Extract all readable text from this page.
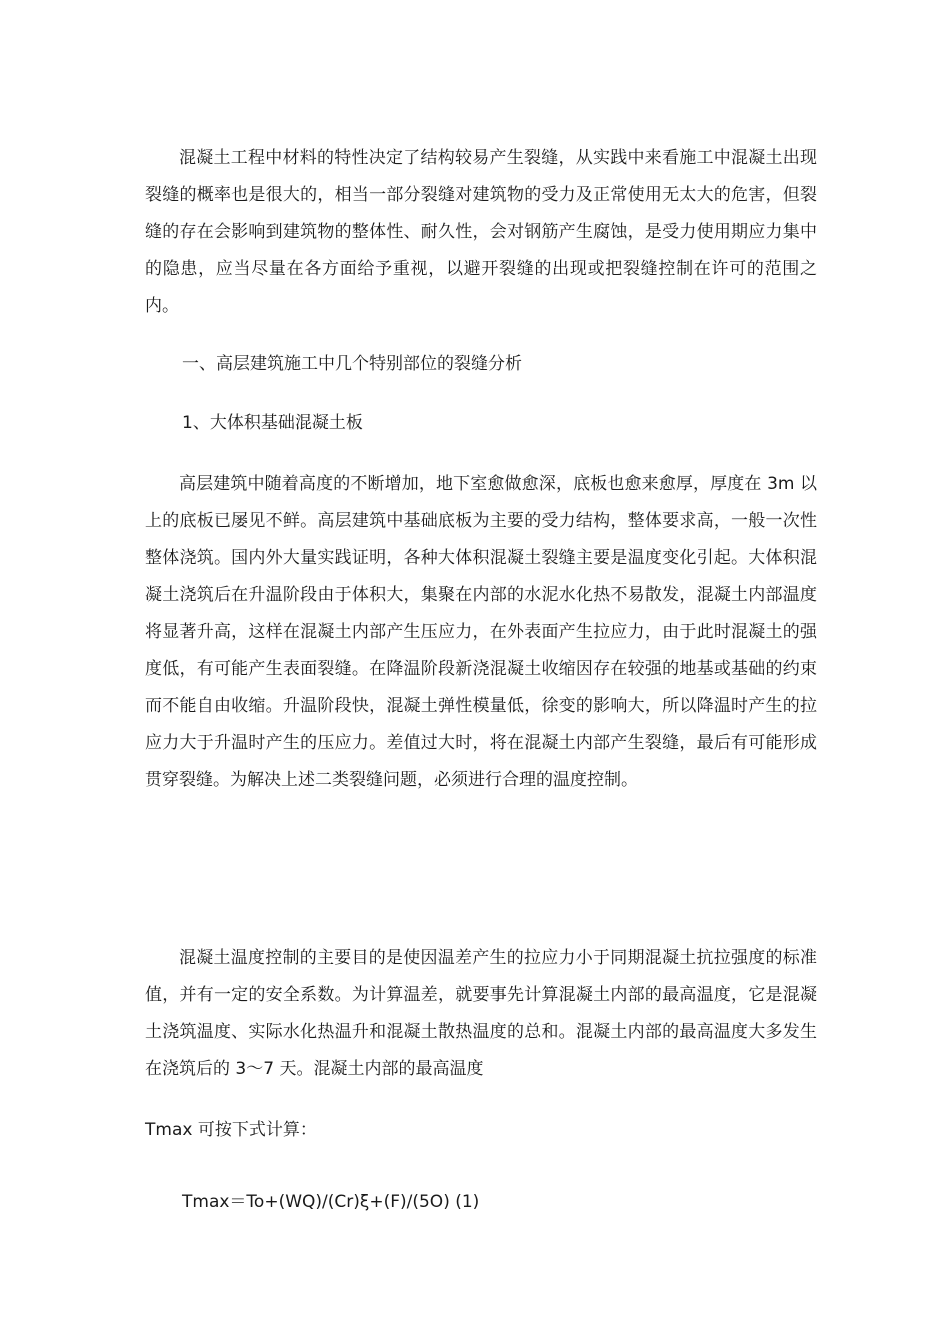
混凝土工程中材料的特性决定了结构较易产生裂缝，从实践中来看施工中混凝土出现裂缝的概率也是很大的，相当一部分裂缝对建筑物的受力及正常使用无太大的危害，但裂缝的存在会影响到建筑物的整体性、耐久性，会对钢筋产生腐蚀，是受力使用期应力集中的隐患，应当尽量在各方面给予重视，以避开裂缝的出现或把裂缝控制在许可的范围之内。

一、高层建筑施工中几个特别部位的裂缝分析

1、大体积基础混凝土板

高层建筑中随着高度的不断增加，地下室愈做愈深，底板也愈来愈厚，厚度在 3m 以上的底板已屡见不鲜。高层建筑中基础底板为主要的受力结构，整体要求高，一般一次性整体浇筑。国内外大量实践证明，各种大体积混凝土裂缝主要是温度变化引起。大体积混凝土浇筑后在升温阶段由于体积大，集聚在内部的水泥水化热不易散发，混凝土内部温度将显著升高，这样在混凝土内部产生压应力，在外表面产生拉应力，由于此时混凝土的强度低，有可能产生表面裂缝。在降温阶段新浇混凝土收缩因存在较强的地基或基础的约束而不能自由收缩。升温阶段快，混凝土弹性模量低，徐变的影响大，所以降温时产生的拉应力大于升温时产生的压应力。差值过大时，将在混凝土内部产生裂缝，最后有可能形成贯穿裂缝。为解决上述二类裂缝问题，必须进行合理的温度控制。

混凝土温度控制的主要目的是使因温差产生的拉应力小于同期混凝土抗拉强度的标准值，并有一定的安全系数。为计算温差，就要事先计算混凝土内部的最高温度，它是混凝土浇筑温度、实际水化热温升和混凝土散热温度的总和。混凝土内部的最高温度大多发生在浇筑后的 3～7 天。混凝土内部的最高温度

Tmax 可按下式计算：

Tmax＝To+(WQ)/(Cr)ξ+(F)/(5O) (1)
